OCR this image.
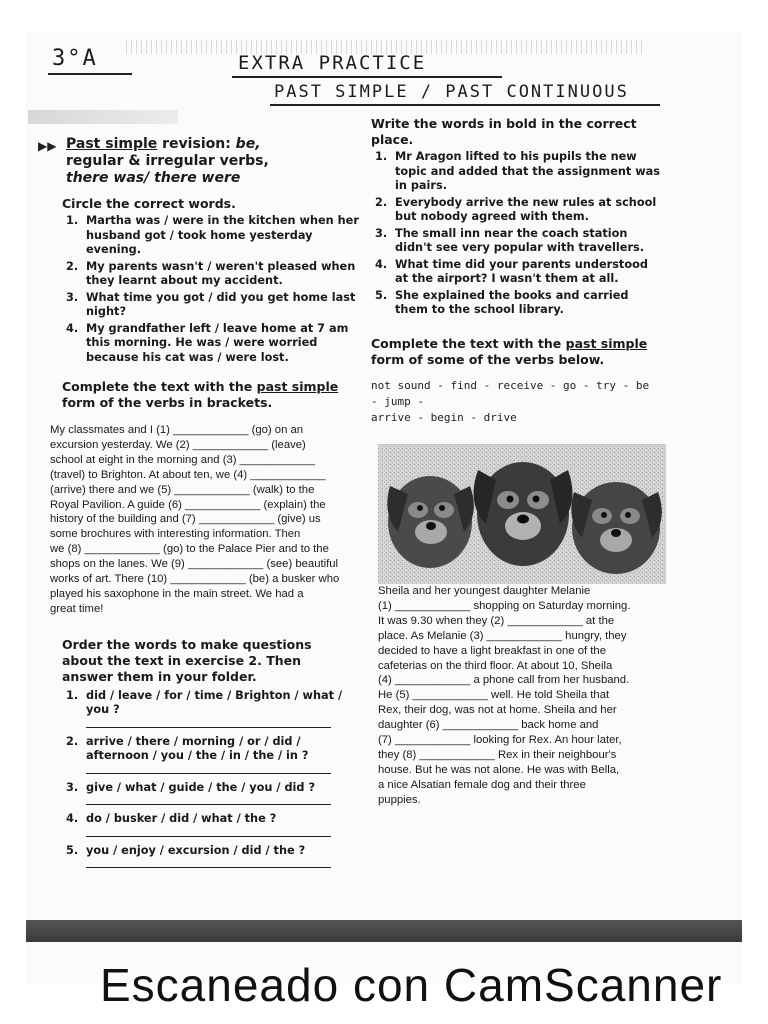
3°A	EXTRA PRACTICE
PAST SIMPLE / PAST CONTINUOUS
▶▶ Past simple revision: be,
regular & irregular verbs,
there was/ there were
Circle the correct words.
1. Martha was / were in the kitchen when her husband got / took home yesterday evening.
2. My parents wasn't / weren't pleased when they learnt about my accident.
3. What time you got / did you get home last night?
4. My grandfather left / leave home at 7 am this morning. He was / were worried because his cat was / were lost.
Complete the text with the past simple
form of the verbs in brackets.
My classmates and I (1) ____________ (go) on an
excursion yesterday. We (2) ____________ (leave)
school at eight in the morning and (3) ____________
(travel) to Brighton. At about ten, we (4) ____________
(arrive) there and we (5) ____________ (walk) to the
Royal Pavilion. A guide (6) ____________ (explain) the
history of the building and (7) ____________ (give) us
some brochures with interesting information. Then
we (8) ____________ (go) to the Palace Pier and to the
shops on the lanes. We (9) ____________ (see) beautiful
works of art. There (10) ____________ (be) a busker who
played his saxophone in the main street. We had a
great time!
Order the words to make questions about the text in exercise 2. Then answer them in your folder.
1. did / leave / for / time / Brighton / what / you ?
2. arrive / there / morning / or / did / afternoon / you / the / in / the / in ?
3. give / what / guide / the / you / did ?
4. do / busker / did / what / the ?
5. you / enjoy / excursion / did / the ?
Write the words in bold in the correct place.
1. Mr Aragon lifted to his pupils the new topic and added that the assignment was in pairs.
2. Everybody arrive the new rules at school but nobody agreed with them.
3. The small inn near the coach station didn't see very popular with travellers.
4. What time did your parents understood at the airport? I wasn't them at all.
5. She explained the books and carried them to the school library.
Complete the text with the past simple
form of some of the verbs below.
not sound - find - receive - go - try - be - jump -
arrive - begin - drive
Sheila and her youngest daughter Melanie
(1) ____________ shopping on Saturday morning.
It was 9.30 when they (2) ____________ at the
place. As Melanie (3) ____________ hungry, they
decided to have a light breakfast in one of the
cafeterias on the third floor. At about 10, Sheila
(4) ____________ a phone call from her husband.
He (5) ____________ well. He told Sheila that
Rex, their dog, was not at home. Sheila and her
daughter (6) ____________ back home and
(7) ____________ looking for Rex. An hour later,
they (8) ____________ Rex in their neighbour's
house. But he was not alone. He was with Bella,
a nice Alsatian female dog and their three
puppies.
Escaneado con CamScanner
